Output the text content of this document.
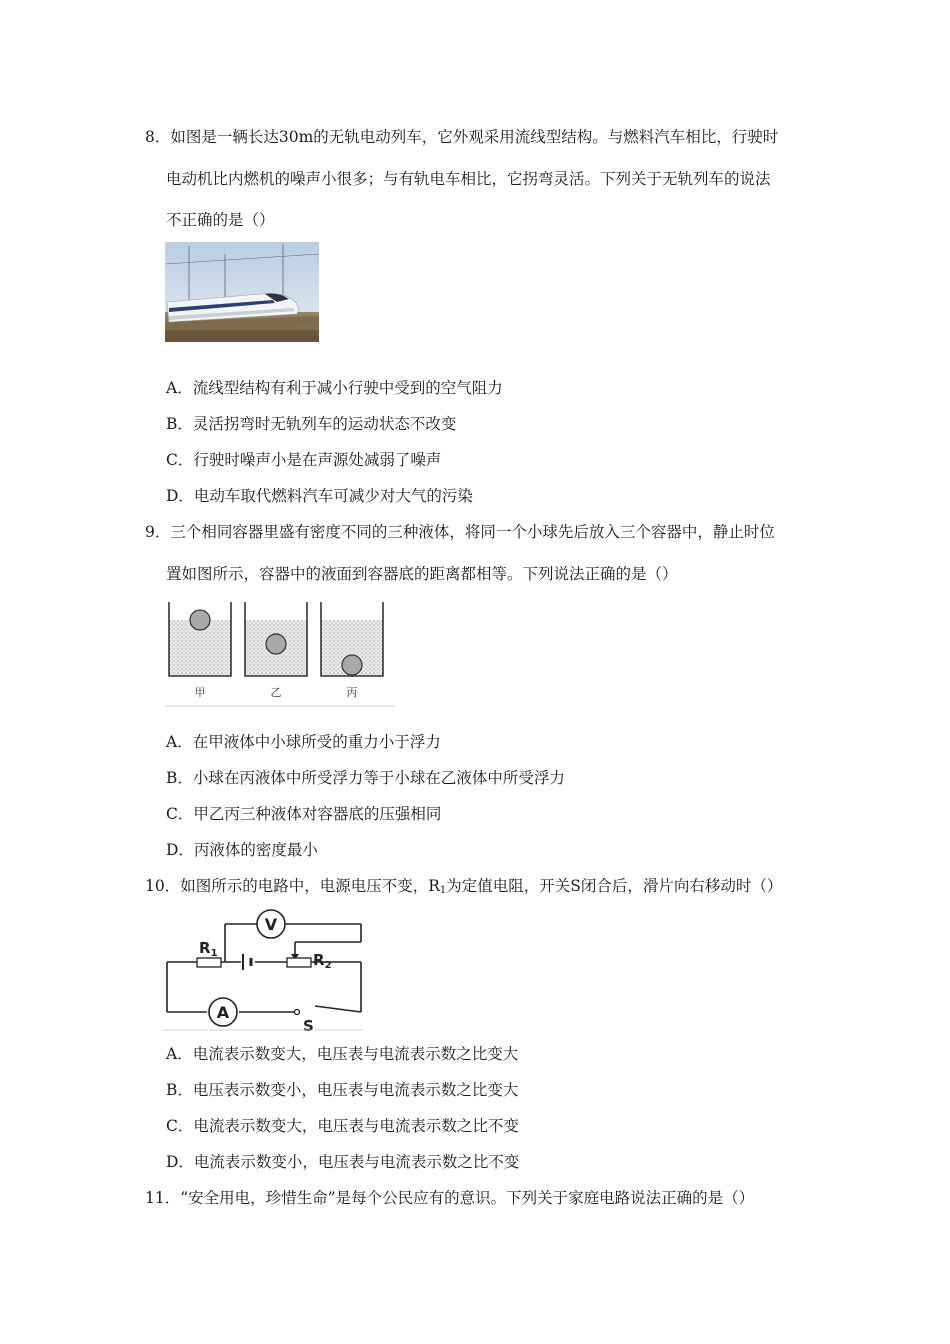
8．如图是一辆长达30m的无轨电动列车，它外观采用流线型结构。与燃料汽车相比，行驶时
电动机比内燃机的噪声小很多；与有轨电车相比，它拐弯灵活。下列关于无轨列车的说法
不正确的是（）
A．流线型结构有利于减小行驶中受到的空气阻力
B．灵活拐弯时无轨列车的运动状态不改变
C．行驶时噪声小是在声源处减弱了噪声
D．电动车取代燃料汽车可减少对大气的污染
9．三个相同容器里盛有密度不同的三种液体，将同一个小球先后放入三个容器中，静止时位
置如图所示，容器中的液面到容器底的距离都相等。下列说法正确的是（）
甲	乙	丙
A．在甲液体中小球所受的重力小于浮力
B．小球在丙液体中所受浮力等于小球在乙液体中所受浮力
C．甲乙丙三种液体对容器底的压强相同
D．丙液体的密度最小
10．如图所示的电路中，电源电压不变，$R_1$为定值电阻，开关S闭合后，滑片向右移动时（）
V
A
$R_1$	$R_2$
S
A．电流表示数变大，电压表与电流表示数之比变大
B．电压表示数变小，电压表与电流表示数之比变大
C．电流表示数变大，电压表与电流表示数之比不变
D．电流表示数变小，电压表与电流表示数之比不变
11．“安全用电，珍惜生命”是每个公民应有的意识。下列关于家庭电路说法正确的是（）
